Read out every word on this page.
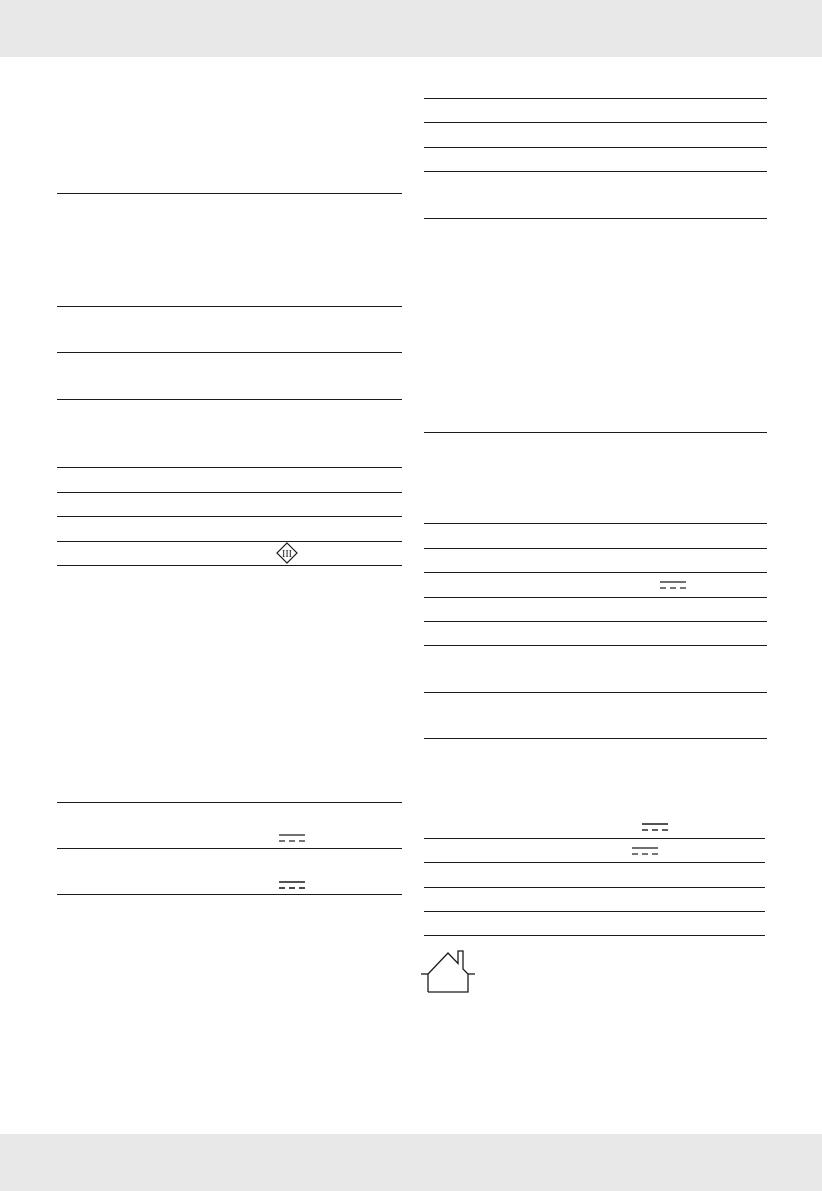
III
